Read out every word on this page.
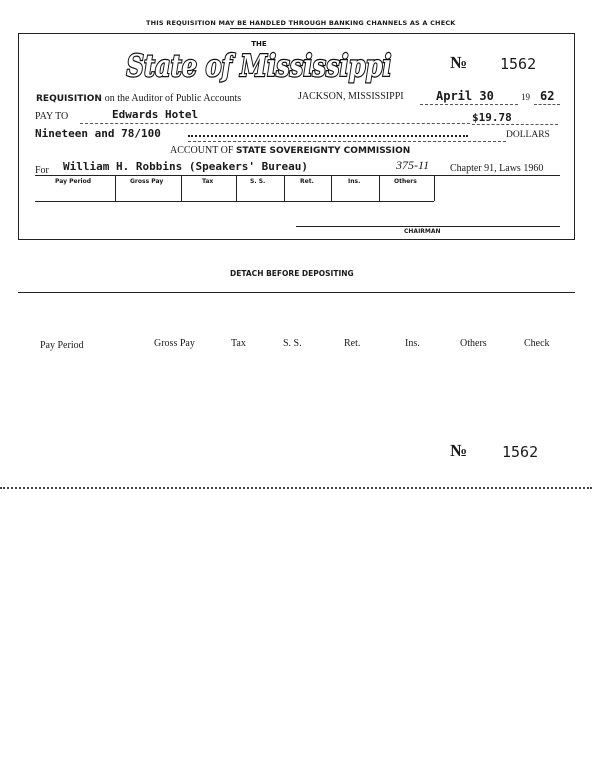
THIS REQUISITION MAY BE HANDLED THROUGH BANKING CHANNELS AS A CHECK
THE
State of Mississippi	№ 1562
REQUISITION on the Auditor of Public Accounts	JACKSON, MISSISSIPPI	April 30	19 62
PAY TO	Edwards Hotel	$19.78
Nineteen and 78/100	DOLLARS
ACCOUNT OF STATE SOVEREIGNTY COMMISSION
For William H. Robbins (Speakers' Bureau)	375-11 Chapter 91, Laws 1960
Pay Period	Gross Pay	Tax	S. S.	Ret.	Ins.	Others
CHAIRMAN
DETACH BEFORE DEPOSITING
Pay Period	Gross Pay	Tax	S. S.	Ret.	Ins.	Others	Check
№ 1562
